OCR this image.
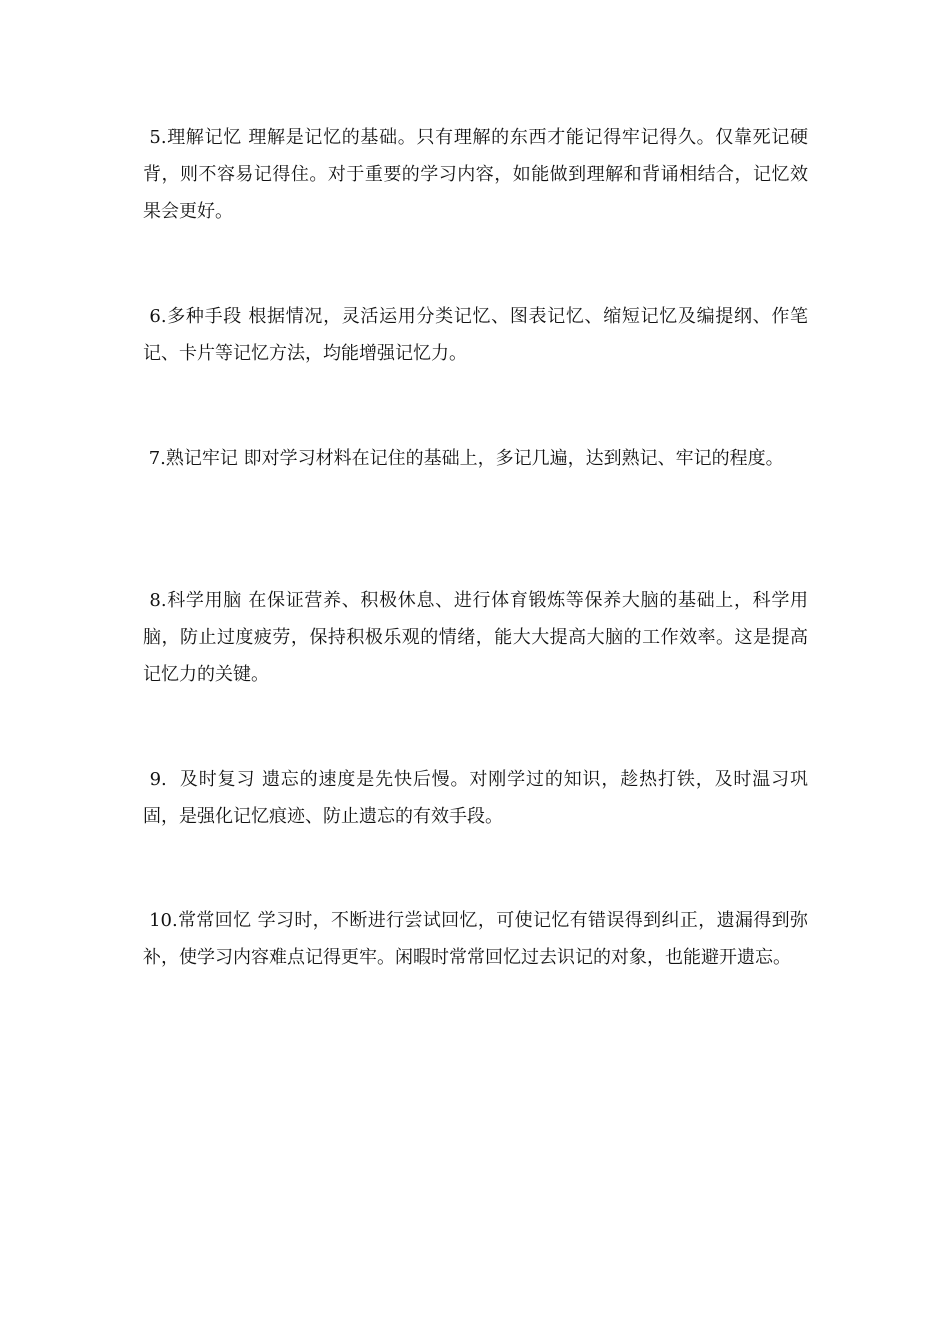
5.理解记忆 理解是记忆的基础。只有理解的东西才能记得牢记得久。仅靠死记硬背，则不容易记得住。对于重要的学习内容，如能做到理解和背诵相结合，记忆效果会更好。

6.多种手段 根据情况，灵活运用分类记忆、图表记忆、缩短记忆及编提纲、作笔记、卡片等记忆方法，均能增强记忆力。

7.熟记牢记 即对学习材料在记住的基础上，多记几遍，达到熟记、牢记的程度。

8.科学用脑 在保证营养、积极休息、进行体育锻炼等保养大脑的基础上，科学用脑，防止过度疲劳，保持积极乐观的情绪，能大大提高大脑的工作效率。这是提高记忆力的关键。

9.  及时复习 遗忘的速度是先快后慢。对刚学过的知识，趁热打铁，及时温习巩固，是强化记忆痕迹、防止遗忘的有效手段。

10.常常回忆 学习时，不断进行尝试回忆，可使记忆有错误得到纠正，遗漏得到弥补，使学习内容难点记得更牢。闲暇时常常回忆过去识记的对象，也能避开遗忘。
